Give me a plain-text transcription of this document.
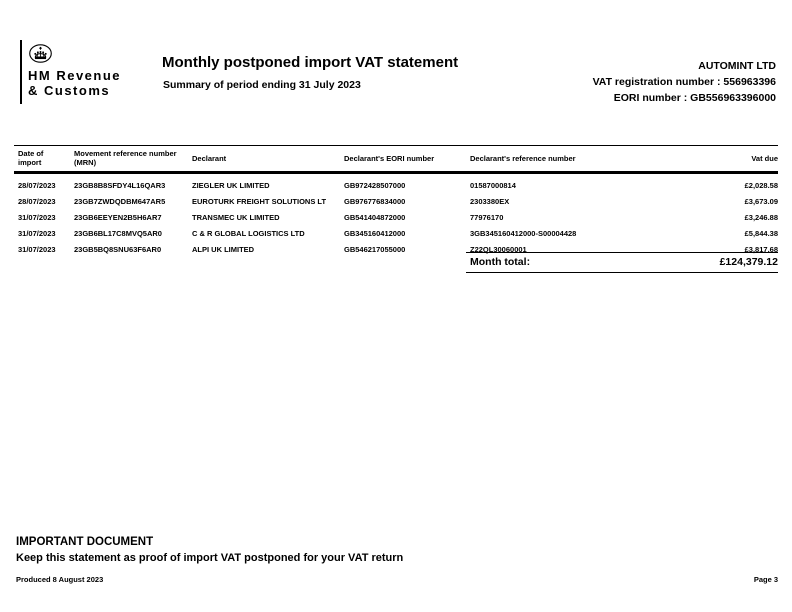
HM Revenue
& Customs
Monthly postponed import VAT statement
Summary of period ending 31 July 2023
AUTOMINT LTD
VAT registration number : 556963396
EORI number : GB556963396000
Date of import	Movement reference number (MRN)	Declarant	Declarant's EORI number	Declarant's reference number	Vat due
28/07/2023	23GB8B8SFDY4L16QAR3	ZIEGLER UK LIMITED	GB972428507000	01587000814	£2,028.58
28/07/2023	23GB7ZWDQDBM647AR5	EUROTURK FREIGHT SOLUTIONS LT	GB976776834000	2303380EX	£3,673.09
31/07/2023	23GB6EEYEN2B5H6AR7	TRANSMEC UK LIMITED	GB541404872000	77976170	£3,246.88
31/07/2023	23GB6BL17C8MVQ5AR0	C & R GLOBAL LOGISTICS LTD	GB345160412000	3GB345160412000-S00004428	£5,844.38
31/07/2023	23GB5BQ8SNU63F6AR0	ALPI UK LIMITED	GB546217055000	Z22QL30060001	£3,817.68
Month total:	£124,379.12
IMPORTANT DOCUMENT
Keep this statement as proof of import VAT postponed for your VAT return
Produced 8 August 2023	Page 3
